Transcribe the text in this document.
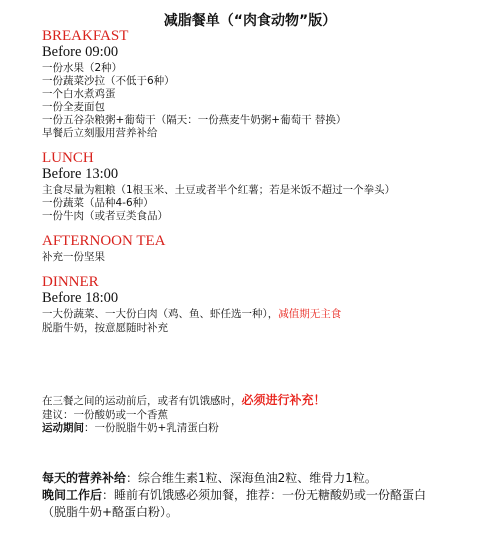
减脂餐单（“肉食动物”版）
BREAKFAST
Before 09:00
一份水果（2种）
一份蔬菜沙拉（不低于6种）
一个白水煮鸡蛋
一份全麦面包
一份五谷杂粮粥+葡萄干（隔天：一份燕麦牛奶粥+葡萄干 替换）
早餐后立刻服用营养补给
LUNCH
Before 13:00
主食尽量为粗粮（1根玉米、土豆或者半个红薯；若是米饭不超过一个拳头）
一份蔬菜（品种4-6种）
一份牛肉（或者豆类食品）
AFTERNOON TEA
补充一份坚果
DINNER
Before 18:00
一大份蔬菜、一大份白肉（鸡、鱼、虾任选一种），减值期无主食
脱脂牛奶，按意愿随时补充
在三餐之间的运动前后，或者有饥饿感时，必须进行补充！
建议：一份酸奶或一个香蕉
运动期间：一份脱脂牛奶+乳清蛋白粉
每天的营养补给：综合维生素1粒、深海鱼油2粒、维骨力1粒。
晚间工作后：睡前有饥饿感必须加餐，推荐：一份无糖酸奶或一份酪蛋白
（脱脂牛奶+酪蛋白粉）。
